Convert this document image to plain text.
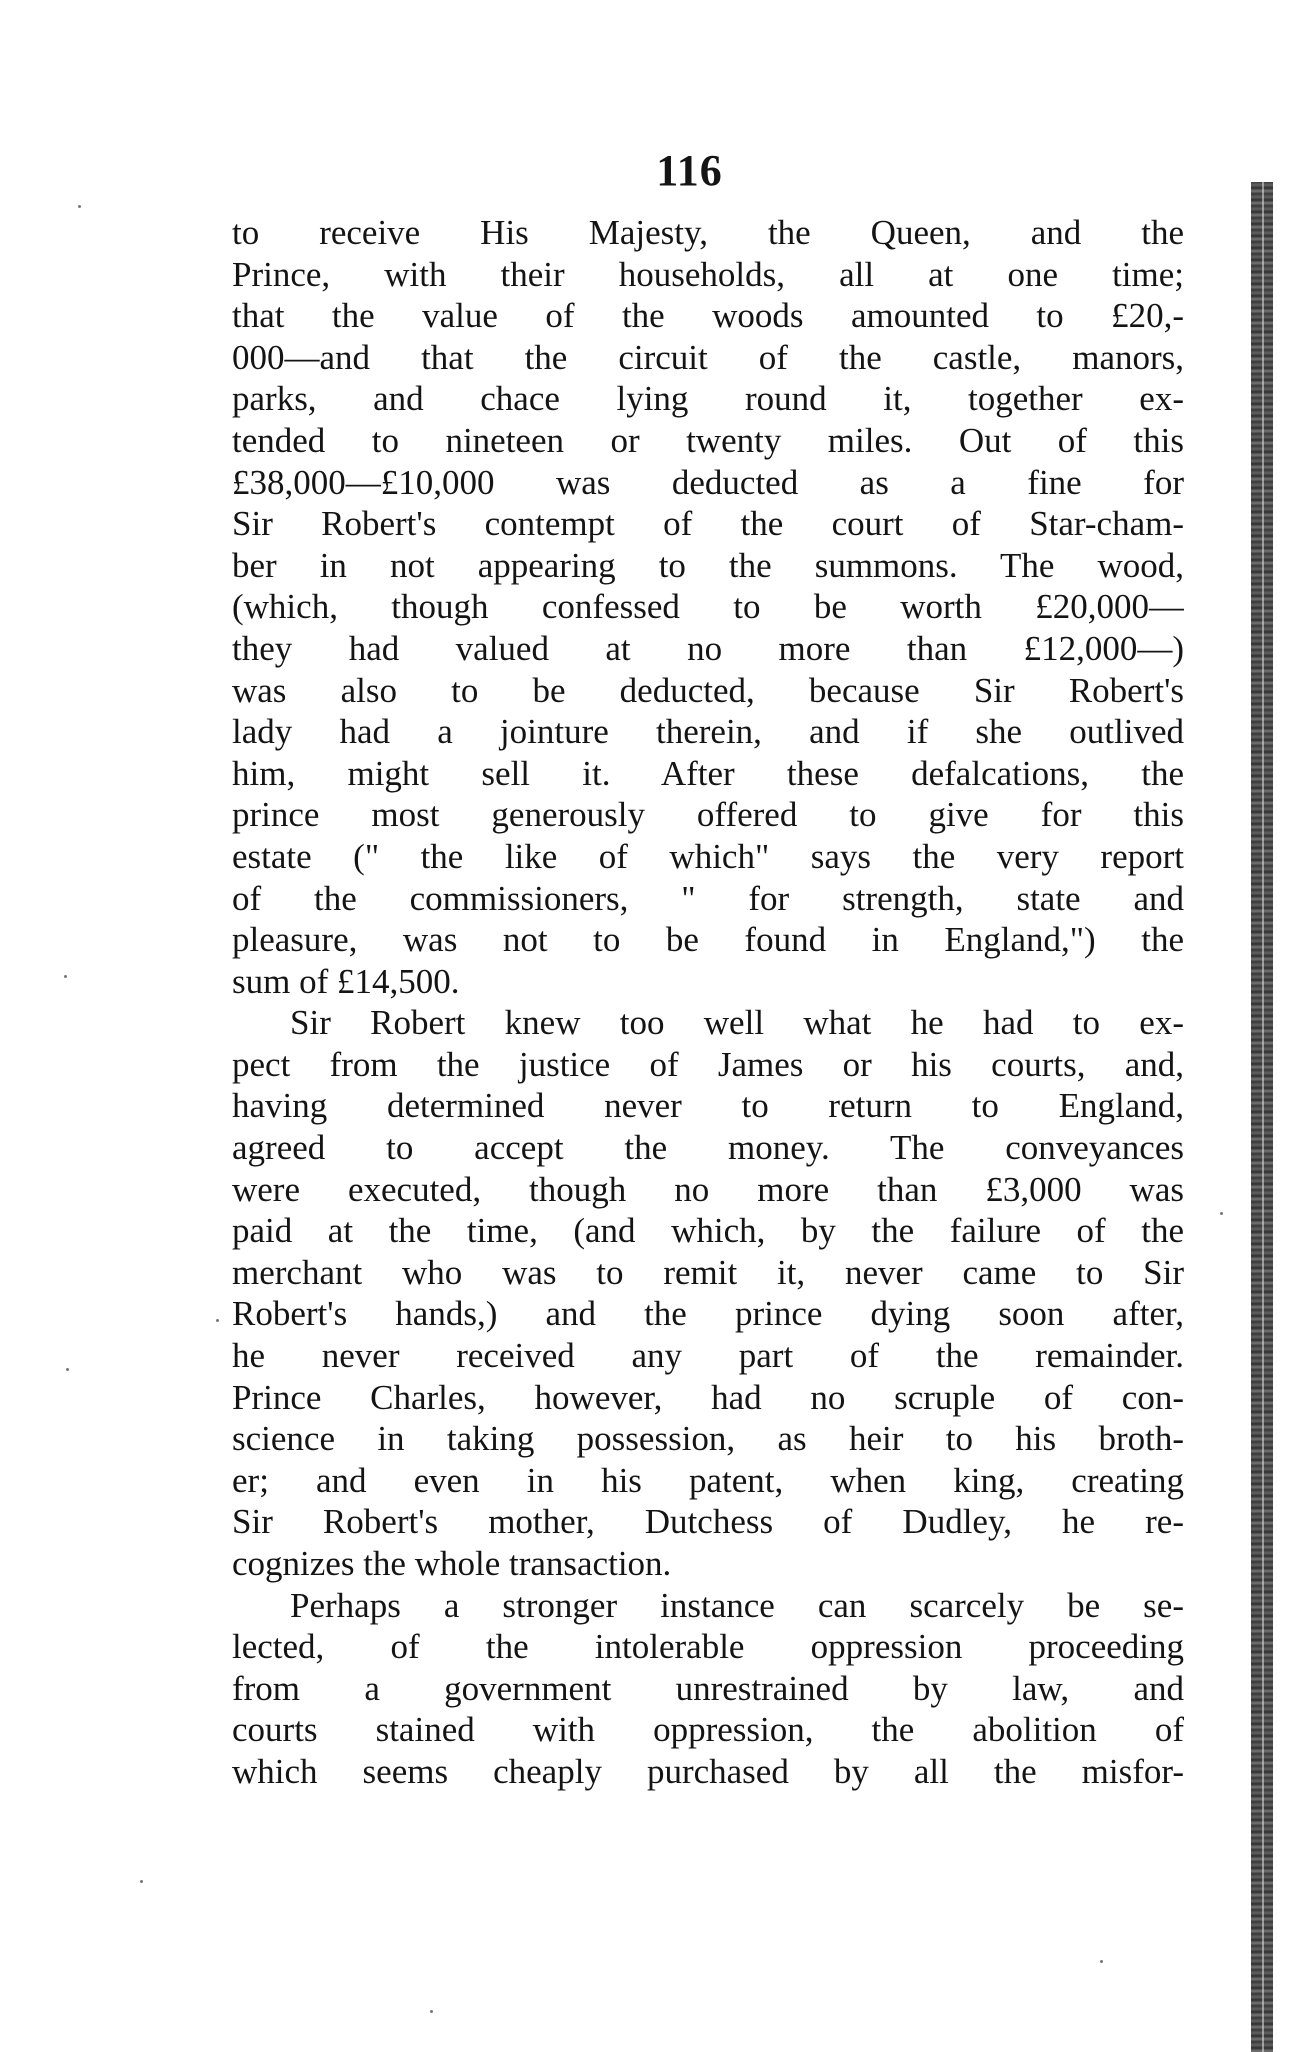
116
to receive His Majesty, the Queen, and the
Prince, with their households, all at one time;
that the value of the woods amounted to £20,-
000—and that the circuit of the castle, manors,
parks, and chace lying round it, together ex-
tended to nineteen or twenty miles. Out of this
£38,000—£10,000 was deducted as a fine for
Sir Robert's contempt of the court of Star-cham-
ber in not appearing to the summons. The wood,
(which, though confessed to be worth £20,000—
they had valued at no more than £12,000—)
was also to be deducted, because Sir Robert's
lady had a jointure therein, and if she outlived
him, might sell it. After these defalcations, the
prince most generously offered to give for this
estate (" the like of which" says the very report
of the commissioners, " for strength, state and
pleasure, was not to be found in England,") the
sum of £14,500.
Sir Robert knew too well what he had to ex-
pect from the justice of James or his courts, and,
having determined never to return to England,
agreed to accept the money. The conveyances
were executed, though no more than £3,000 was
paid at the time, (and which, by the failure of the
merchant who was to remit it, never came to Sir
Robert's hands,) and the prince dying soon after,
he never received any part of the remainder.
Prince Charles, however, had no scruple of con-
science in taking possession, as heir to his broth-
er; and even in his patent, when king, creating
Sir Robert's mother, Dutchess of Dudley, he re-
cognizes the whole transaction.
Perhaps a stronger instance can scarcely be se-
lected, of the intolerable oppression proceeding
from a government unrestrained by law, and
courts stained with oppression, the abolition of
which seems cheaply purchased by all the misfor-
